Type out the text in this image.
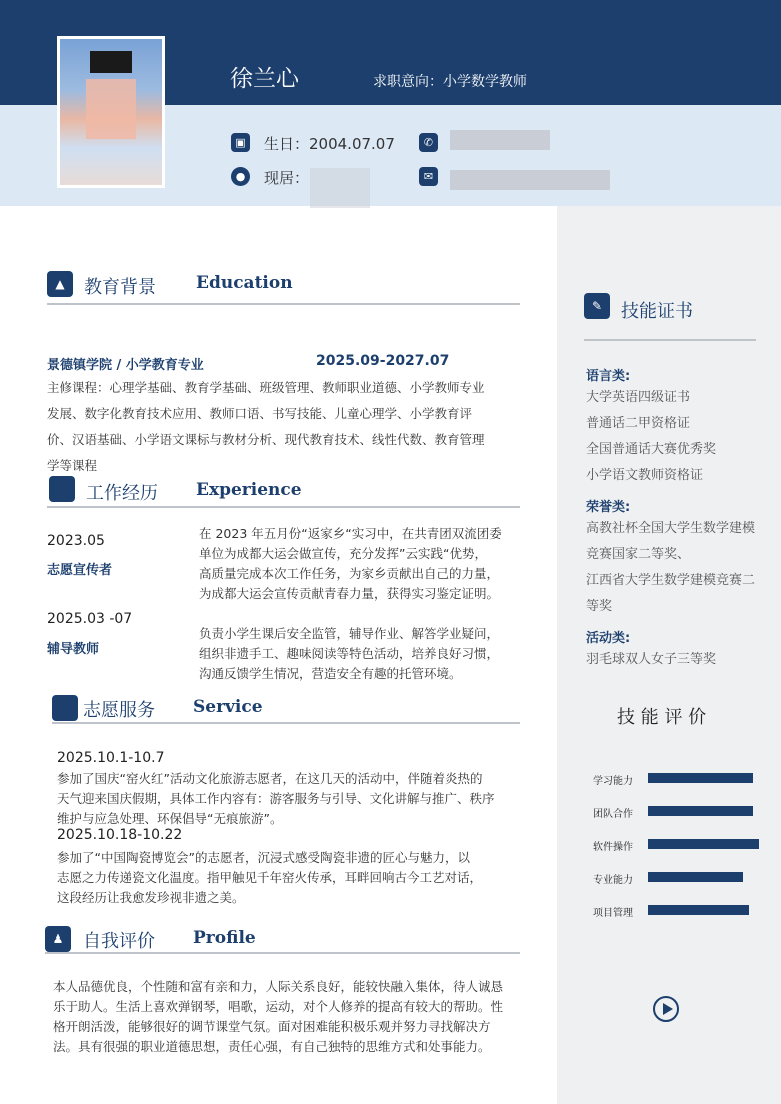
徐兰心	求职意向：小学数学教师
▣ 生日：2004.07.07	✆
●	现居：	✉
▲	教育背景 Education
景德镇学院 / 小学教育专业	2025.09-2027.07
主修课程：心理学基础、教育学基础、班级管理、教师职业道德、小学教师专业
发展、数字化教育技术应用、教师口语、书写技能、儿童心理学、小学教育评
价、汉语基础、小学语文课标与教材分析、现代教育技术、线性代数、教育管理
学等课程
工作经历 Experience
2023.05
志愿宣传者
在 2023 年五月份“返家乡“实习中，在共青团双流团委
单位为成都大运会做宣传，充分发挥”云实践“优势，
高质量完成本次工作任务，为家乡贡献出自己的力量，
为成都大运会宣传贡献青春力量，获得实习鉴定证明。
2025.03 -07
辅导教师
负责小学生课后安全监管，辅导作业、解答学业疑问，
组织非遗手工、趣味阅读等特色活动，培养良好习惯，
沟通反馈学生情况，营造安全有趣的托管环境。
志愿服务 Service
2025.10.1-10.7
参加了国庆“窑火红”活动文化旅游志愿者，在这几天的活动中，伴随着炎热的
天气迎来国庆假期，具体工作内容有：游客服务与引导、文化讲解与推广、秩序
维护与应急处理、环保倡导“无痕旅游”。
2025.10.18-10.22
参加了“中国陶瓷博览会”的志愿者，沉浸式感受陶瓷非遗的匠心与魅力，以
志愿之力传递瓷文化温度。指甲触见千年窑火传承，耳畔回响古今工艺对话，
这段经历让我愈发珍视非遗之美。
♟	自我评价 Profile
本人品德优良，个性随和富有亲和力，人际关系良好，能较快融入集体，待人诚恳
乐于助人。生活上喜欢弹钢琴，唱歌，运动，对个人修养的提高有较大的帮助。性
格开朗活泼，能够很好的调节课堂气氛。面对困难能积极乐观并努力寻找解决方
法。具有很强的职业道德思想，责任心强，有自己独特的思维方式和处事能力。
✎	技能证书
语言类:
大学英语四级证书
普通话二甲资格证
全国普通话大赛优秀奖
小学语文教师资格证
荣誉类:
高教社杯全国大学生数学建模
竞赛国家二等奖、
江西省大学生数学建模竞赛二
等奖
活动类:
羽毛球双人女子三等奖
技 能 评 价
学习能力
团队合作
软件操作
专业能力
项目管理
